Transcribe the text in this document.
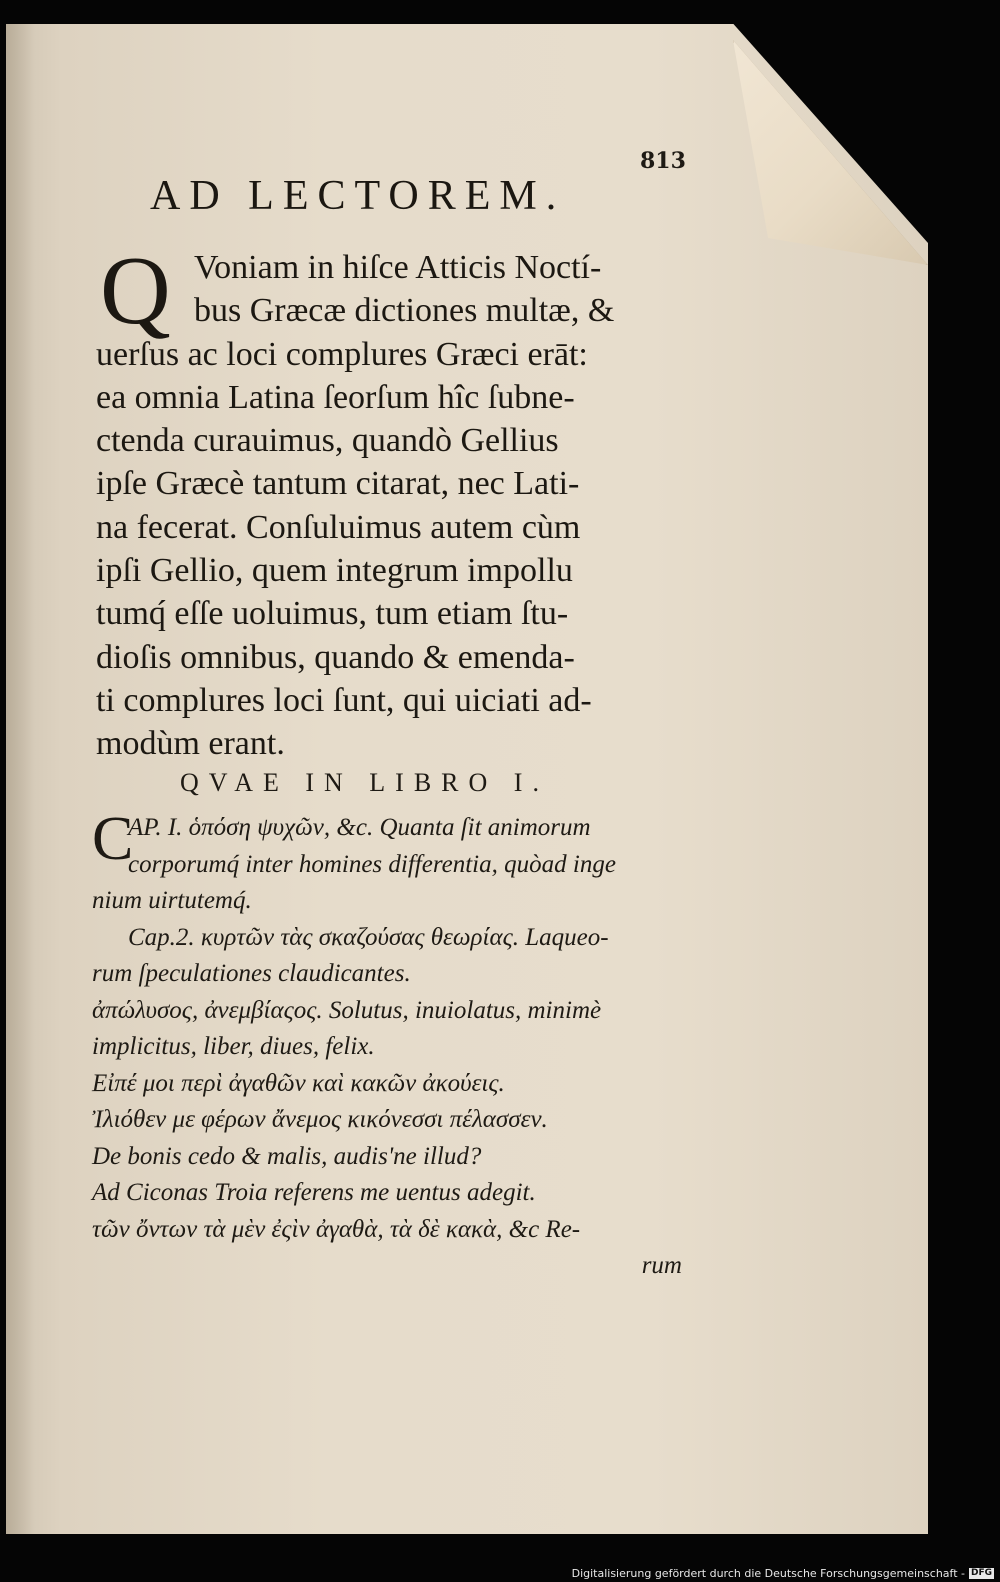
813
AD LECTOREM.
Q Voniam in hiſce Atticis Noctí-
bus Græcæ dictiones multæ, &
uerſus ac loci complures Græci erāt:
ea omnia Latina ſeorſum hîc ſubne-
ctenda curauimus, quandò Gellius
ipſe Græcè tantum citarat, nec Lati-
na fecerat. Conſuluimus autem cùm
ipſi Gellio, quem integrum impollu
tumq́ eſſe uoluimus, tum etiam ſtu-
dioſis omnibus, quando & emenda-
ti complures loci ſunt, qui uiciati ad-
modùm erant.
QVAE IN LIBRO I.
C
AP. I. ὁπόση ψυχῶν, &c. Quanta ſit animorum
corporumq́ inter homines differentia, quòad inge
nium uirtutemq́.
Cap.2. κυρτῶν τὰς σκαζούσας θεωρίας. Laqueo-
rum ſpeculationes claudicantes.
ἀπώλυσος, ἀνεμβίαςος. Solutus, inuiolatus, minimè
implicitus, liber, diues, felix.
Εἰπέ μοι περὶ ἀγαθῶν καὶ κακῶν ἀκούεις.
Ἰλιόθεν με φέρων ἄνεμος κικόνεσσι πέλασσεν.
De bonis cedo & malis, audis'ne illud?
Ad Ciconas Troia referens me uentus adegit.
τῶν ὄντων τὰ μὲν ἐςὶν ἀγαθὰ, τὰ δὲ κακὰ, &c Re-
rum
Digitalisierung gefördert durch die Deutsche Forschungsgemeinschaft - DFG
